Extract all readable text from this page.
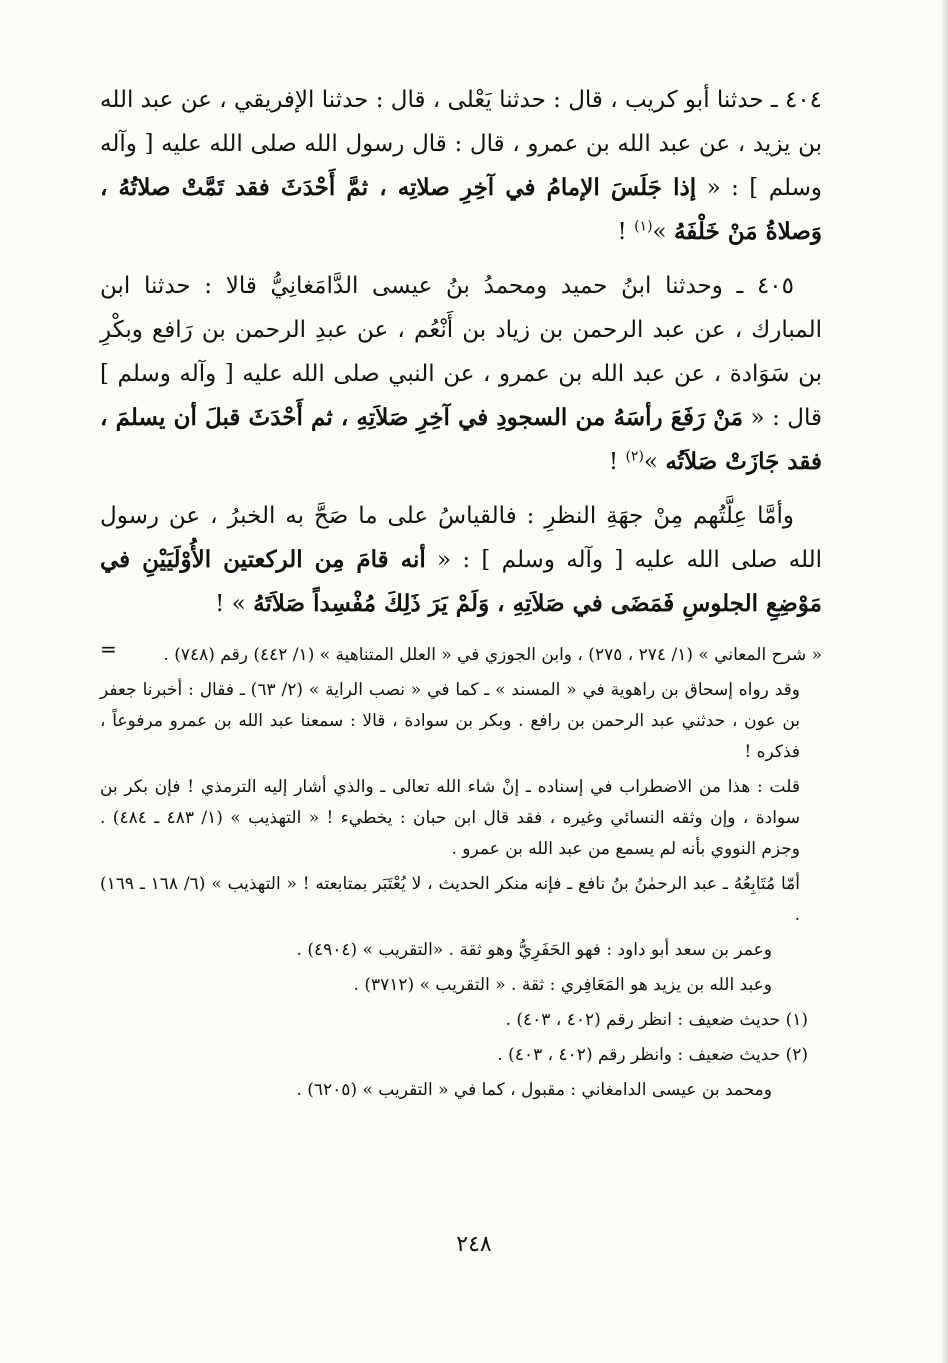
٤٠٤ ـ حدثنا أبو كريب ، قال : حدثنا يَعْلى ، قال : حدثنا الإفريقي ، عن عبد الله بن يزيد ، عن عبد الله بن عمرو ، قال : قال رسول الله صلى الله عليه [ وآله وسلم ] : « إذا جَلَسَ الإمامُ في آخِرِ صلاتِه ، ثمَّ أَحْدَثَ فقد تَمَّتْ صلاتُهُ ، وَصلاةُ مَنْ خَلْفَهُ »$^{(١)}$ !

٤٠٥ ـ وحدثنا ابنُ حميد ومحمدُ بنُ عيسى الدَّامَغانِيُّ قالا : حدثنا ابن المبارك ، عن عبد الرحمن بن زياد بن أَنْعُم ، عن عبدِ الرحمن بن رَافع وبكْرِ بن سَوَادة ، عن عبد الله بن عمرو ، عن النبي صلى الله عليه [ وآله وسلم ] قال : « مَنْ رَفَعَ رأسَهُ من السجودِ في آخِرِ صَلاَتِهِ ، ثم أَحْدَثَ قبلَ أن يسلمَ ، فقد جَازَتْ صَلاَتُه »$^{(٢)}$ !

وأمَّا عِلَّتُهم مِنْ جهَةِ النظرِ : فالقياسُ على ما صَحَّ به الخبرُ ، عن رسول الله صلى الله عليه [ وآله وسلم ] : « أنه قامَ مِن الركعتين الأُوْلَيَيْنِ في مَوْضِعِ الجلوسِ فَمَضَى في صَلاَتِهِ ، وَلَمْ يَرَ ذَلِكَ مُفْسِداً صَلاَتَهُ » !

=	« شرح المعاني » (١/ ٢٧٤ ، ٢٧٥) ، وابن الجوزي في « العلل المتناهية » (١/ ٤٤٢) رقم (٧٤٨) .

وقد رواه إسحاق بن راهوية في « المسند » ـ كما في « نصب الراية » (٢/ ٦٣) ـ فقال : أخبرنا جعفر بن عون ، حدثني عبد الرحمن بن رافع . وبكر بن سوادة ، قالا : سمعنا عبد الله بن عمرو مرفوعاً ، فذكره !

قلت : هذا من الاضطراب في إسناده ـ إنْ شاء الله تعالى ـ والذي أشار إليه الترمذي ! فإن بكر بن سوادة ، وإن وثقه النسائي وغيره ، فقد قال ابن حبان : يخطيء ! « التهذيب » (١/ ٤٨٣ ـ ٤٨٤) . وجزم النووي بأنه لم يسمع من عبد الله بن عمرو .

أمّا مُتَابِعُهُ ـ عبد الرحمٰنُ بنُ نافع ـ فإنه منكر الحديث ، لا يُعْتَبَر بمتابعته ! « التهذيب » (٦/ ١٦٨ ـ ١٦٩) .

وعمر بن سعد أبو داود : فهو الحَفَرِيُّ وهو ثقة . «التقريب » (٤٩٠٤) .

وعبد الله بن يزيد هو المَعَافِري : ثقة . « التقريب » (٣٧١٢) .

(١) حديث ضعيف : انظر رقم (٤٠٢ ، ٤٠٣) .

(٢) حديث ضعيف : وانظر رقم (٤٠٢ ، ٤٠٣) .

ومحمد بن عيسى الدامغاني : مقبول ، كما في « التقريب » (٦٢٠٥) .

٢٤٨
